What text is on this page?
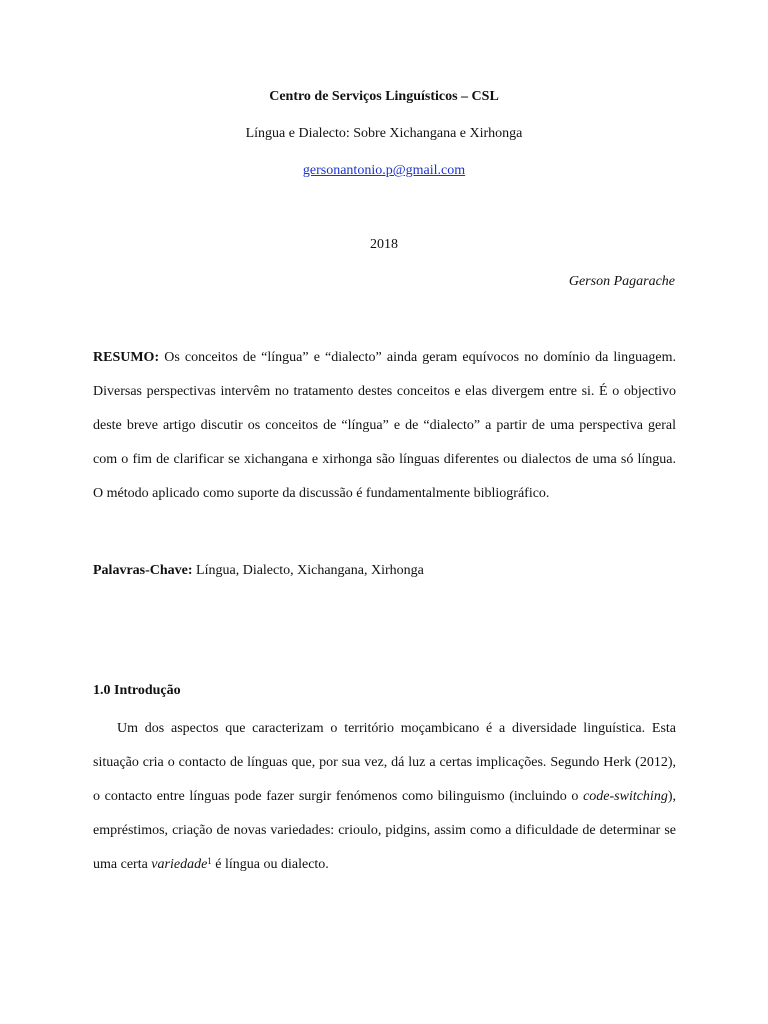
Centro de Serviços Linguísticos – CSL
Língua e Dialecto: Sobre Xichangana e Xirhonga
gersonantonio.p@gmail.com
2018
Gerson Pagarache
RESUMO: Os conceitos de “língua” e “dialecto” ainda geram equívocos no domínio da linguagem. Diversas perspectivas intervêm no tratamento destes conceitos e elas divergem entre si. É o objectivo deste breve artigo discutir os conceitos de “língua” e de “dialecto” a partir de uma perspectiva geral com o fim de clarificar se xichangana e xirhonga são línguas diferentes ou dialectos de uma só língua. O método aplicado como suporte da discussão é fundamentalmente bibliográfico.
Palavras-Chave: Língua, Dialecto, Xichangana, Xirhonga
1.0 Introdução
Um dos aspectos que caracterizam o território moçambicano é a diversidade linguística. Esta situação cria o contacto de línguas que, por sua vez, dá luz a certas implicações. Segundo Herk (2012), o contacto entre línguas pode fazer surgir fenómenos como bilinguismo (incluindo o code-switching), empréstimos, criação de novas variedades: crioulo, pidgins, assim como a dificuldade de determinar se uma certa variedade$^1$ é língua ou dialecto.
